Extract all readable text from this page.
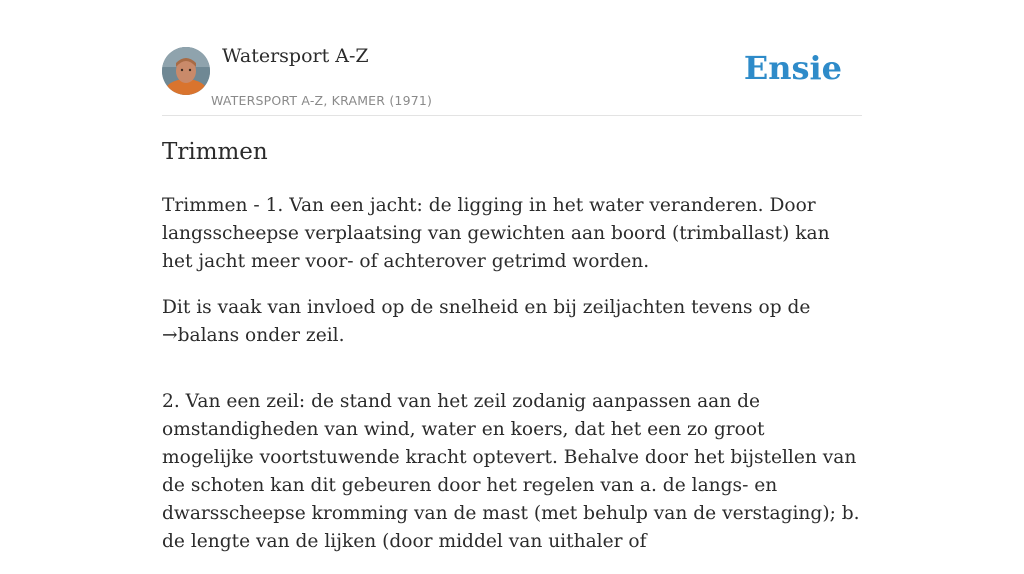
Watersport A-Z
WATERSPORT A-Z, KRAMER (1971)
Ensie
Trimmen

Trimmen - 1. Van een jacht: de ligging in het water veranderen. Door langsscheepse verplaatsing van gewichten aan boord (trimballast) kan het jacht meer voor- of achterover getrimd worden.

Dit is vaak van invloed op de snelheid en bij zeiljachten tevens op de →balans onder zeil.

2. Van een zeil: de stand van het zeil zodanig aanpassen aan de omstandigheden van wind, water en koers, dat het een zo groot mogelijke voortstuwende kracht optevert. Behalve door het bijstellen van de schoten kan dit gebeuren door het regelen van a. de langs- en dwarsscheepse kromming van de mast (met behulp van de verstaging); b. de lengte van de lijken (door middel van uithaler of
